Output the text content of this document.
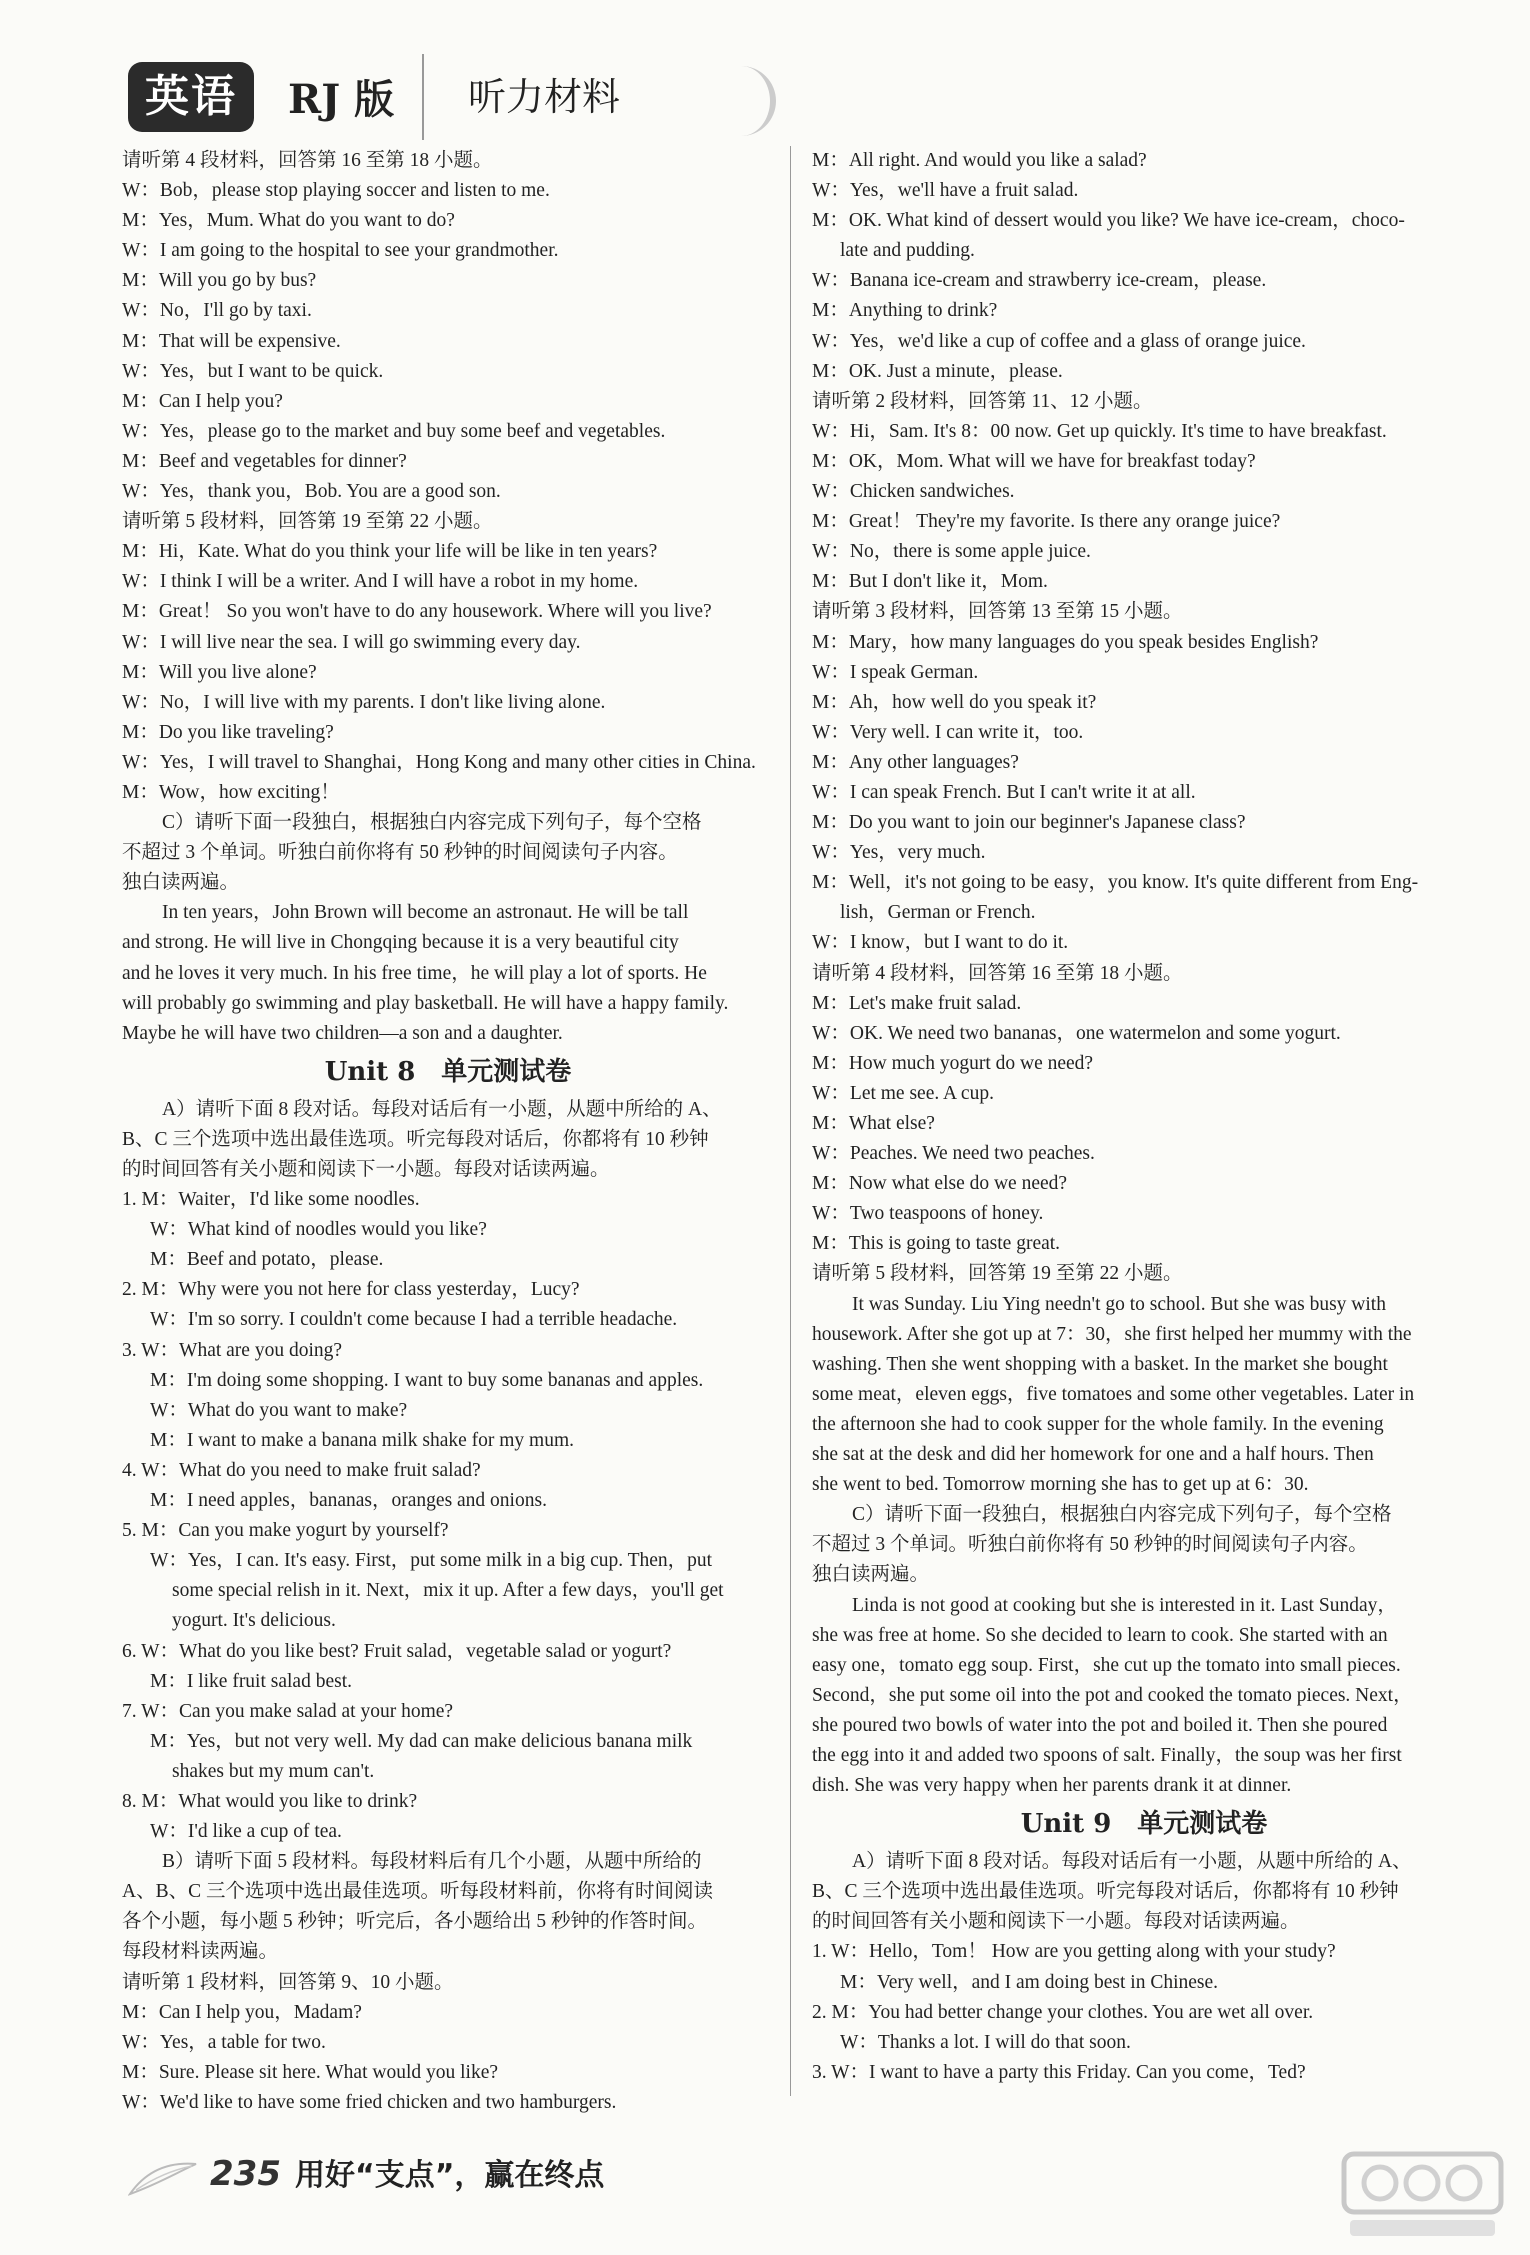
英语	RJ 版 听力材料
请听第 4 段材料，回答第 16 至第 18 小题。
W：Bob，please stop playing soccer and listen to me.
M：Yes，Mum. What do you want to do?
W：I am going to the hospital to see your grandmother.
M：Will you go by bus?
W：No，I'll go by taxi.
M：That will be expensive.
W：Yes，but I want to be quick.
M：Can I help you?
W：Yes，please go to the market and buy some beef and vegetables.
M：Beef and vegetables for dinner?
W：Yes，thank you，Bob. You are a good son.
请听第 5 段材料，回答第 19 至第 22 小题。
M：Hi，Kate. What do you think your life will be like in ten years?
W：I think I will be a writer. And I will have a robot in my home.
M：Great！ So you won't have to do any housework. Where will you live?
W：I will live near the sea. I will go swimming every day.
M：Will you live alone?
W：No，I will live with my parents. I don't like living alone.
M：Do you like traveling?
W：Yes，I will travel to Shanghai，Hong Kong and many other cities in China.
M：Wow，how exciting！
C）请听下面一段独白，根据独白内容完成下列句子，每个空格
不超过 3 个单词。听独白前你将有 50 秒钟的时间阅读句子内容。
独白读两遍。
In ten years，John Brown will become an astronaut. He will be tall
and strong. He will live in Chongqing because it is a very beautiful city
and he loves it very much. In his free time，he will play a lot of sports. He
will probably go swimming and play basketball. He will have a happy family.
Maybe he will have two children—a son and a daughter.
Unit 8　单元测试卷
A）请听下面 8 段对话。每段对话后有一小题，从题中所给的 A、
B、C 三个选项中选出最佳选项。听完每段对话后，你都将有 10 秒钟
的时间回答有关小题和阅读下一小题。每段对话读两遍。
1. M：Waiter，I'd like some noodles.
W：What kind of noodles would you like?
M：Beef and potato，please.
2. M：Why were you not here for class yesterday，Lucy?
W：I'm so sorry. I couldn't come because I had a terrible headache.
3. W：What are you doing?
M：I'm doing some shopping. I want to buy some bananas and apples.
W：What do you want to make?
M：I want to make a banana milk shake for my mum.
4. W：What do you need to make fruit salad?
M：I need apples，bananas，oranges and onions.
5. M：Can you make yogurt by yourself?
W：Yes，I can. It's easy. First，put some milk in a big cup. Then，put
some special relish in it. Next，mix it up. After a few days，you'll get
yogurt. It's delicious.
6. W：What do you like best? Fruit salad，vegetable salad or yogurt?
M：I like fruit salad best.
7. W：Can you make salad at your home?
M：Yes，but not very well. My dad can make delicious banana milk
shakes but my mum can't.
8. M：What would you like to drink?
W：I'd like a cup of tea.
B）请听下面 5 段材料。每段材料后有几个小题，从题中所给的
A、B、C 三个选项中选出最佳选项。听每段材料前，你将有时间阅读
各个小题，每小题 5 秒钟；听完后，各小题给出 5 秒钟的作答时间。
每段材料读两遍。
请听第 1 段材料，回答第 9、10 小题。
M：Can I help you，Madam?
W：Yes，a table for two.
M：Sure. Please sit here. What would you like?
W：We'd like to have some fried chicken and two hamburgers.
M：All right. And would you like a salad?
W：Yes，we'll have a fruit salad.
M：OK. What kind of dessert would you like? We have ice-cream，choco-
late and pudding.
W：Banana ice-cream and strawberry ice-cream，please.
M：Anything to drink?
W：Yes，we'd like a cup of coffee and a glass of orange juice.
M：OK. Just a minute，please.
请听第 2 段材料，回答第 11、12 小题。
W：Hi，Sam. It's 8：00 now. Get up quickly. It's time to have breakfast.
M：OK，Mom. What will we have for breakfast today?
W：Chicken sandwiches.
M：Great！ They're my favorite. Is there any orange juice?
W：No，there is some apple juice.
M：But I don't like it，Mom.
请听第 3 段材料，回答第 13 至第 15 小题。
M：Mary，how many languages do you speak besides English?
W：I speak German.
M：Ah，how well do you speak it?
W：Very well. I can write it，too.
M：Any other languages?
W：I can speak French. But I can't write it at all.
M：Do you want to join our beginner's Japanese class?
W：Yes，very much.
M：Well，it's not going to be easy，you know. It's quite different from Eng-
lish，German or French.
W：I know，but I want to do it.
请听第 4 段材料，回答第 16 至第 18 小题。
M：Let's make fruit salad.
W：OK. We need two bananas，one watermelon and some yogurt.
M：How much yogurt do we need?
W：Let me see. A cup.
M：What else?
W：Peaches. We need two peaches.
M：Now what else do we need?
W：Two teaspoons of honey.
M：This is going to taste great.
请听第 5 段材料，回答第 19 至第 22 小题。
It was Sunday. Liu Ying needn't go to school. But she was busy with
housework. After she got up at 7：30，she first helped her mummy with the
washing. Then she went shopping with a basket. In the market she bought
some meat，eleven eggs，five tomatoes and some other vegetables. Later in
the afternoon she had to cook supper for the whole family. In the evening
she sat at the desk and did her homework for one and a half hours. Then
she went to bed. Tomorrow morning she has to get up at 6：30.
C）请听下面一段独白，根据独白内容完成下列句子，每个空格
不超过 3 个单词。听独白前你将有 50 秒钟的时间阅读句子内容。
独白读两遍。
Linda is not good at cooking but she is interested in it. Last Sunday，
she was free at home. So she decided to learn to cook. She started with an
easy one，tomato egg soup. First，she cut up the tomato into small pieces.
Second，she put some oil into the pot and cooked the tomato pieces. Next，
she poured two bowls of water into the pot and boiled it. Then she poured
the egg into it and added two spoons of salt. Finally，the soup was her first
dish. She was very happy when her parents drank it at dinner.
Unit 9　单元测试卷
A）请听下面 8 段对话。每段对话后有一小题，从题中所给的 A、
B、C 三个选项中选出最佳选项。听完每段对话后，你都将有 10 秒钟
的时间回答有关小题和阅读下一小题。每段对话读两遍。
1. W：Hello，Tom！ How are you getting along with your study?
M：Very well，and I am doing best in Chinese.
2. M：You had better change your clothes. You are wet all over.
W：Thanks a lot. I will do that soon.
3. W：I want to have a party this Friday. Can you come，Ted?
235 用好“支点”，赢在终点
